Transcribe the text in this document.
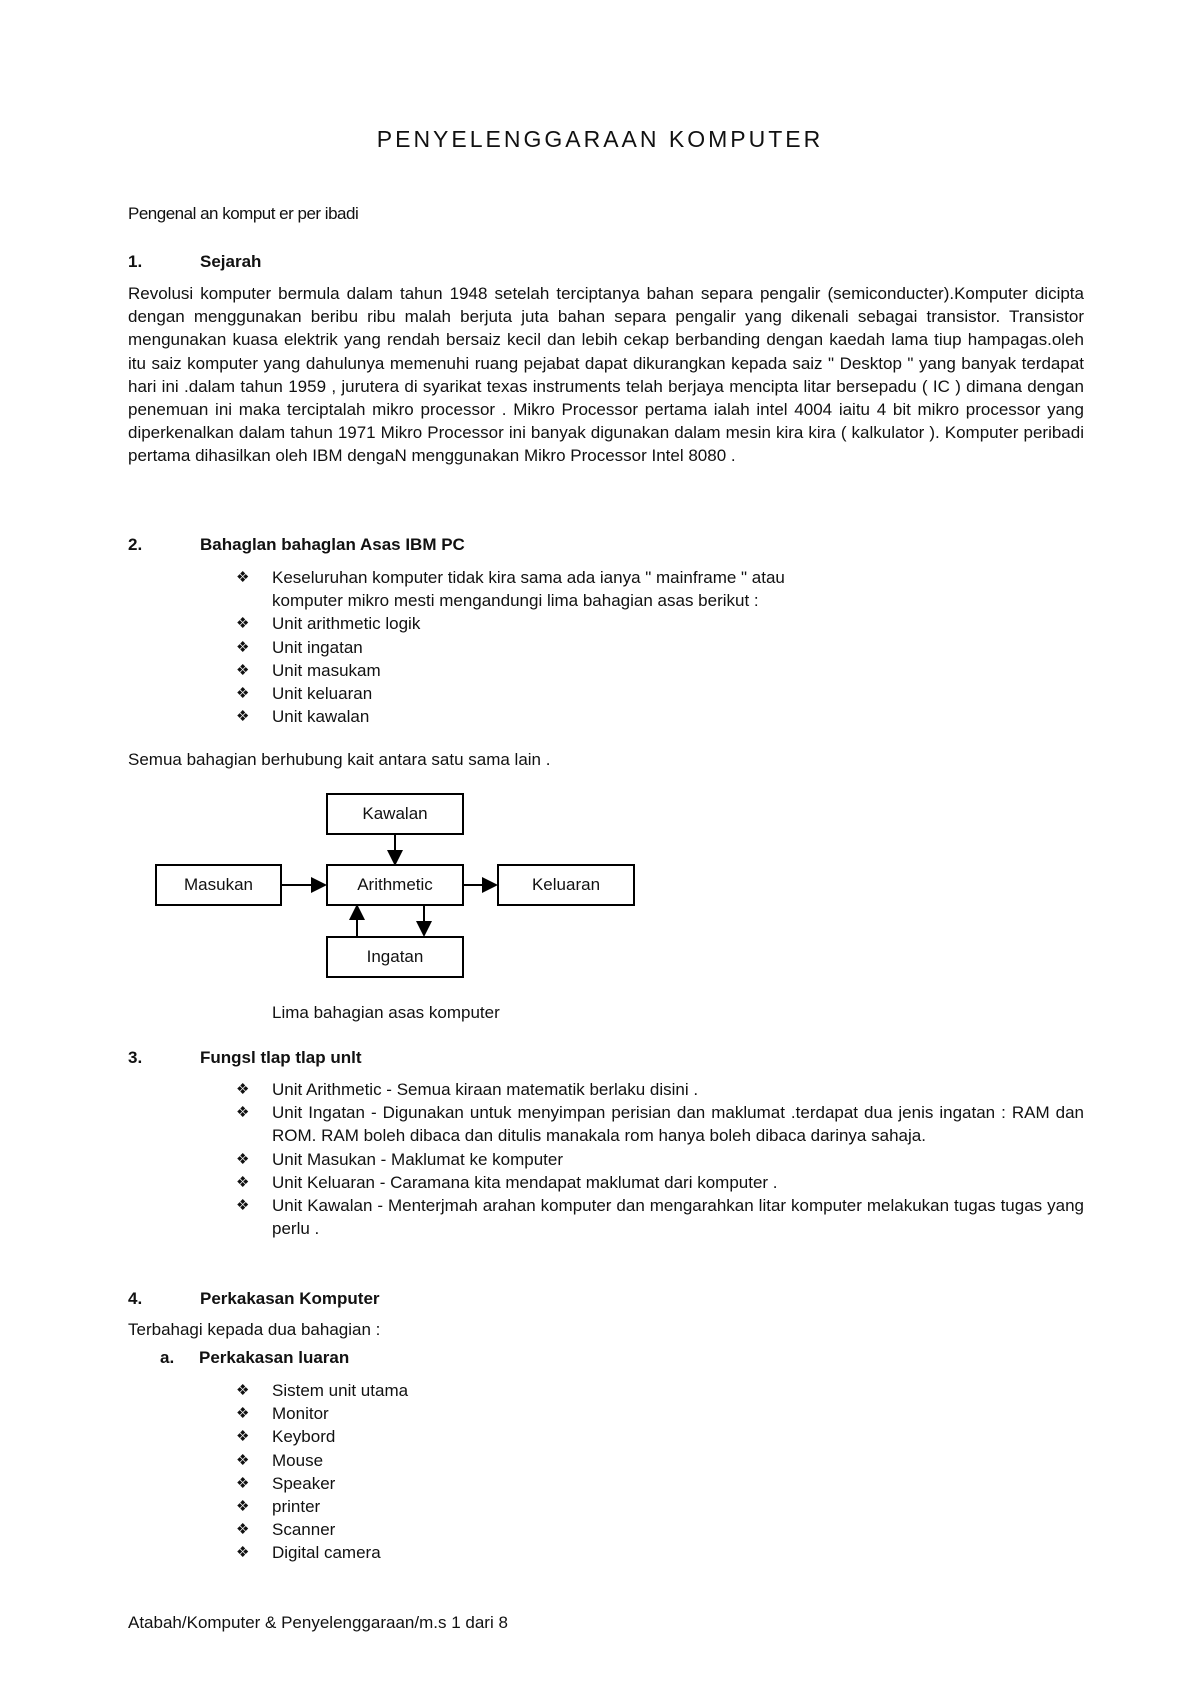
PENYELENGGARAAN KOMPUTER
Pengenal an komput er per ibadi
1.	Sejarah
Revolusi komputer bermula dalam tahun 1948 setelah terciptanya bahan separa pengalir (semiconducter).Komputer dicipta dengan menggunakan beribu ribu malah berjuta juta bahan separa pengalir yang dikenali sebagai transistor. Transistor mengunakan kuasa elektrik yang rendah bersaiz kecil dan lebih cekap berbanding dengan kaedah lama tiup hampagas.oleh itu saiz komputer yang dahulunya memenuhi ruang pejabat dapat dikurangkan kepada saiz " Desktop " yang banyak terdapat hari ini .dalam tahun 1959 , jurutera di syarikat texas instruments telah berjaya mencipta litar bersepadu ( IC ) dimana dengan penemuan ini maka terciptalah mikro processor . Mikro Processor pertama ialah intel 4004 iaitu 4 bit mikro processor yang diperkenalkan dalam tahun 1971 Mikro Processor ini banyak digunakan dalam mesin kira kira ( kalkulator ). Komputer peribadi pertama dihasilkan oleh IBM dengaN menggunakan Mikro Processor Intel 8080 .
2.	Bahaglan bahaglan Asas IBM PC
❖ Keseluruhan komputer tidak kira sama ada ianya " mainframe " atau komputer mikro mesti mengandungi lima bahagian asas berikut :
❖ Unit arithmetic logik
❖ Unit ingatan
❖ Unit masukam
❖ Unit keluaran
❖ Unit kawalan
Semua bahagian berhubung kait antara satu sama lain .
Kawalan
Arithmetic
Masukan	Keluaran
Ingatan
Lima bahagian asas komputer
3.	Fungsl tlap tlap unlt
❖ Unit Arithmetic - Semua kiraan matematik berlaku disini .
❖ Unit Ingatan - Digunakan untuk menyimpan perisian dan maklumat .terdapat dua jenis ingatan : RAM dan ROM. RAM boleh dibaca dan ditulis manakala rom hanya boleh dibaca darinya sahaja.
❖ Unit Masukan - Maklumat ke komputer
❖ Unit Keluaran - Caramana kita mendapat maklumat dari komputer .
❖ Unit Kawalan - Menterjmah arahan komputer dan mengarahkan litar komputer melakukan tugas tugas yang perlu .
4.	Perkakasan Komputer
Terbahagi kepada dua bahagian :
a. Perkakasan luaran
❖ Sistem unit utama
❖ Monitor
❖ Keybord
❖ Mouse
❖ Speaker
❖ printer
❖ Scanner
❖ Digital camera
Atabah/Komputer & Penyelenggaraan/m.s 1 dari 8
